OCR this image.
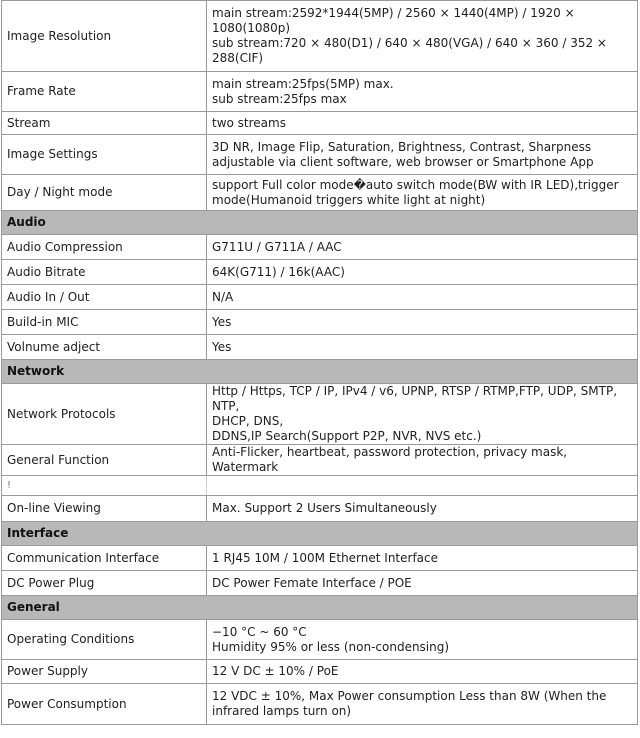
Image Resolution	main stream:2592*1944(5MP) / 2560 × 1440(4MP) / 1920 ×
1080(1080p)
sub stream:720 × 480(D1) / 640 × 480(VGA) / 640 × 360 / 352 ×
288(CIF)
Frame Rate	main stream:25fps(5MP) max.
sub stream:25fps max
Stream	two streams
Image Settings	3D NR, Image Flip, Saturation, Brightness, Contrast, Sharpness
adjustable via client software, web browser or Smartphone App
Day / Night mode	support Full color mode�auto switch mode(BW with IR LED),trigger
mode(Humanoid triggers white light at night)
Audio	
Audio Compression	G711U / G711A / AAC
Audio Bitrate	64K(G711) / 16k(AAC)
Audio In / Out	N/A
Build-in MIC	Yes
Volnume adject	Yes
Network	
Network Protocols	Http / Https, TCP / IP, IPv4 / v6, UPNP, RTSP / RTMP,FTP, UDP, SMTP, NTP,
DHCP, DNS,
DDNS,IP Search(Support P2P, NVR, NVS etc.)
General Function	Anti-Flicker, heartbeat, password protection, privacy mask, Watermark
!	
On-line Viewing	Max. Support 2 Users Simultaneously
Interface	
Communication Interface	1 RJ45 10M / 100M Ethernet Interface
DC Power Plug	DC Power Femate Interface / POE
General	
Operating Conditions	−10 °C ~ 60 °C
Humidity 95% or less (non-condensing)
Power Supply	12 V DC ± 10% / PoE
Power Consumption	12 VDC ± 10%, Max Power consumption Less than 8W (When the
infrared lamps turn on)
